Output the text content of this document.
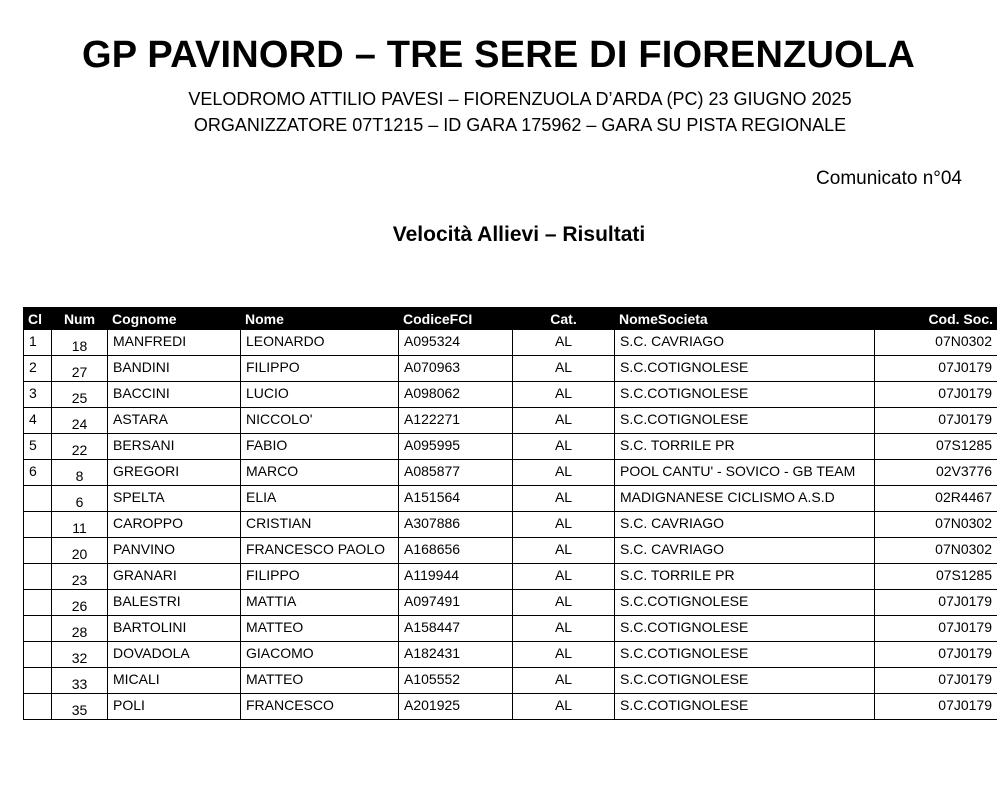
GP PAVINORD – TRE SERE DI FIORENZUOLA

VELODROMO ATTILIO PAVESI – FIORENZUOLA D’ARDA (PC) 23 GIUGNO 2025

ORGANIZZATORE 07T1215 – ID GARA 175962 – GARA SU PISTA REGIONALE

Comunicato n°04

Velocità Allievi – Risultati
Cl	Num	Cognome	Nome	CodiceFCI	Cat.	NomeSocieta	Cod. Soc.
1	18	MANFREDI	LEONARDO	A095324	AL	S.C. CAVRIAGO	07N0302
2	27	BANDINI	FILIPPO	A070963	AL	S.C.COTIGNOLESE	07J0179
3	25	BACCINI	LUCIO	A098062	AL	S.C.COTIGNOLESE	07J0179
4	24	ASTARA	NICCOLO'	A122271	AL	S.C.COTIGNOLESE	07J0179
5	22	BERSANI	FABIO	A095995	AL	S.C. TORRILE PR	07S1285
6	8	GREGORI	MARCO	A085877	AL	POOL CANTU' - SOVICO - GB TEAM	02V3776
	6	SPELTA	ELIA	A151564	AL	MADIGNANESE CICLISMO A.S.D	02R4467
	11	CAROPPO	CRISTIAN	A307886	AL	S.C. CAVRIAGO	07N0302
	20	PANVINO	FRANCESCO PAOLO	A168656	AL	S.C. CAVRIAGO	07N0302
	23	GRANARI	FILIPPO	A119944	AL	S.C. TORRILE PR	07S1285
	26	BALESTRI	MATTIA	A097491	AL	S.C.COTIGNOLESE	07J0179
	28	BARTOLINI	MATTEO	A158447	AL	S.C.COTIGNOLESE	07J0179
	32	DOVADOLA	GIACOMO	A182431	AL	S.C.COTIGNOLESE	07J0179
	33	MICALI	MATTEO	A105552	AL	S.C.COTIGNOLESE	07J0179
	35	POLI	FRANCESCO	A201925	AL	S.C.COTIGNOLESE	07J0179
